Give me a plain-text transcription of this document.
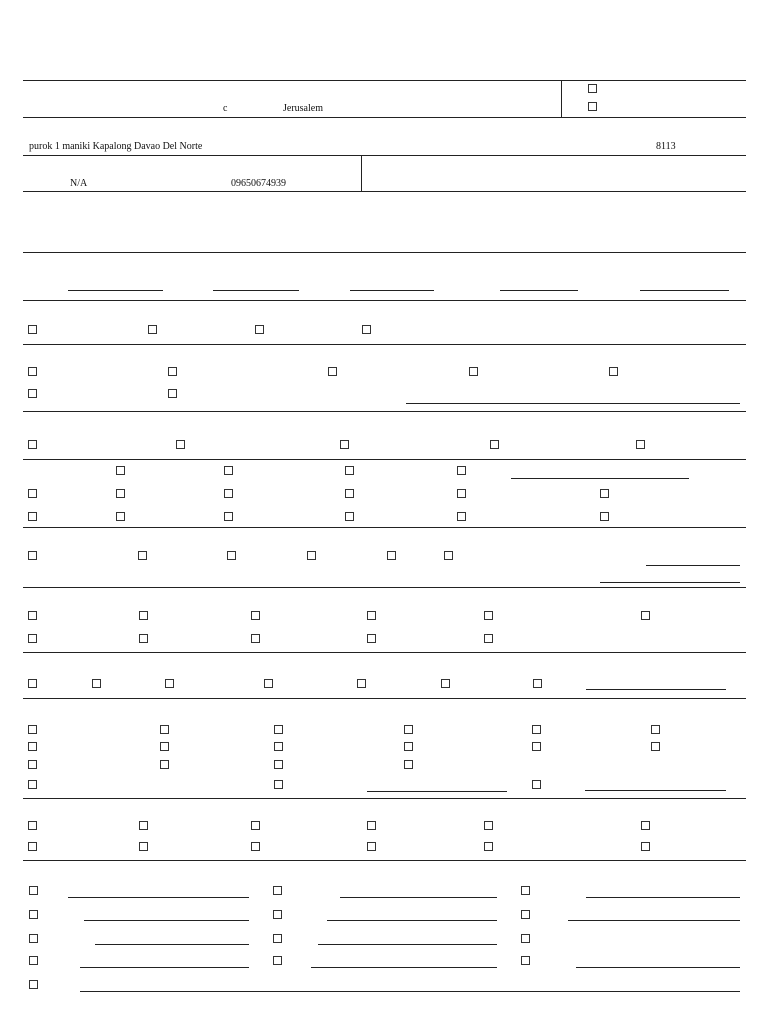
c	Jerusalem
purok 1 maniki Kapalong Davao Del Norte	8113
N/A	09650674939
